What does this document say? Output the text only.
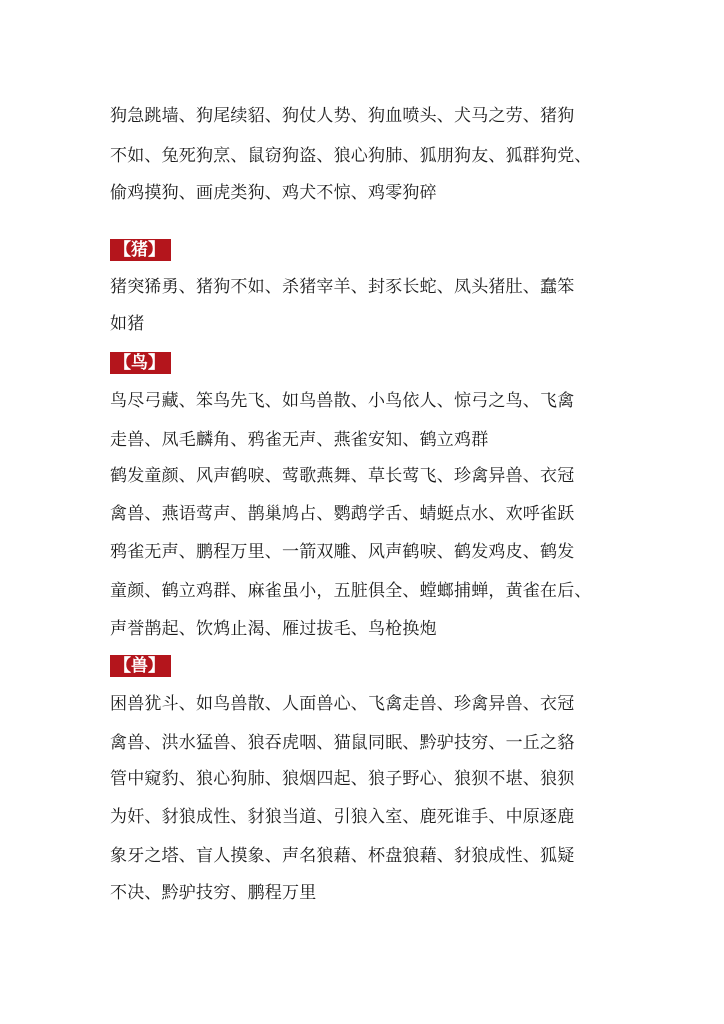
狗急跳墙、狗尾续貂、狗仗人势、狗血喷头、犬马之劳、猪狗

不如、兔死狗烹、鼠窃狗盗、狼心狗肺、狐朋狗友、狐群狗党、

偷鸡摸狗、画虎类狗、鸡犬不惊、鸡零狗碎

【猪】

猪突狶勇、猪狗不如、杀猪宰羊、封豕长蛇、凤头猪肚、蠢笨

如猪

【鸟】

鸟尽弓藏、笨鸟先飞、如鸟兽散、小鸟依人、惊弓之鸟、飞禽

走兽、凤毛麟角、鸦雀无声、燕雀安知、鹤立鸡群

鹤发童颜、风声鹤唳、莺歌燕舞、草长莺飞、珍禽异兽、衣冠

禽兽、燕语莺声、鹊巢鸠占、鹦鹉学舌、蜻蜓点水、欢呼雀跃

鸦雀无声、鹏程万里、一箭双雕、风声鹤唳、鹤发鸡皮、鹤发

童颜、鹤立鸡群、麻雀虽小，五脏俱全、螳螂捕蝉，黄雀在后、

声誉鹊起、饮鸩止渴、雁过拔毛、鸟枪换炮

【兽】

困兽犹斗、如鸟兽散、人面兽心、飞禽走兽、珍禽异兽、衣冠

禽兽、洪水猛兽、狼吞虎咽、猫鼠同眠、黔驴技穷、一丘之貉

管中窥豹、狼心狗肺、狼烟四起、狼子野心、狼狈不堪、狼狈

为奸、豺狼成性、豺狼当道、引狼入室、鹿死谁手、中原逐鹿

象牙之塔、盲人摸象、声名狼藉、杯盘狼藉、豺狼成性、狐疑

不决、黔驴技穷、鹏程万里
